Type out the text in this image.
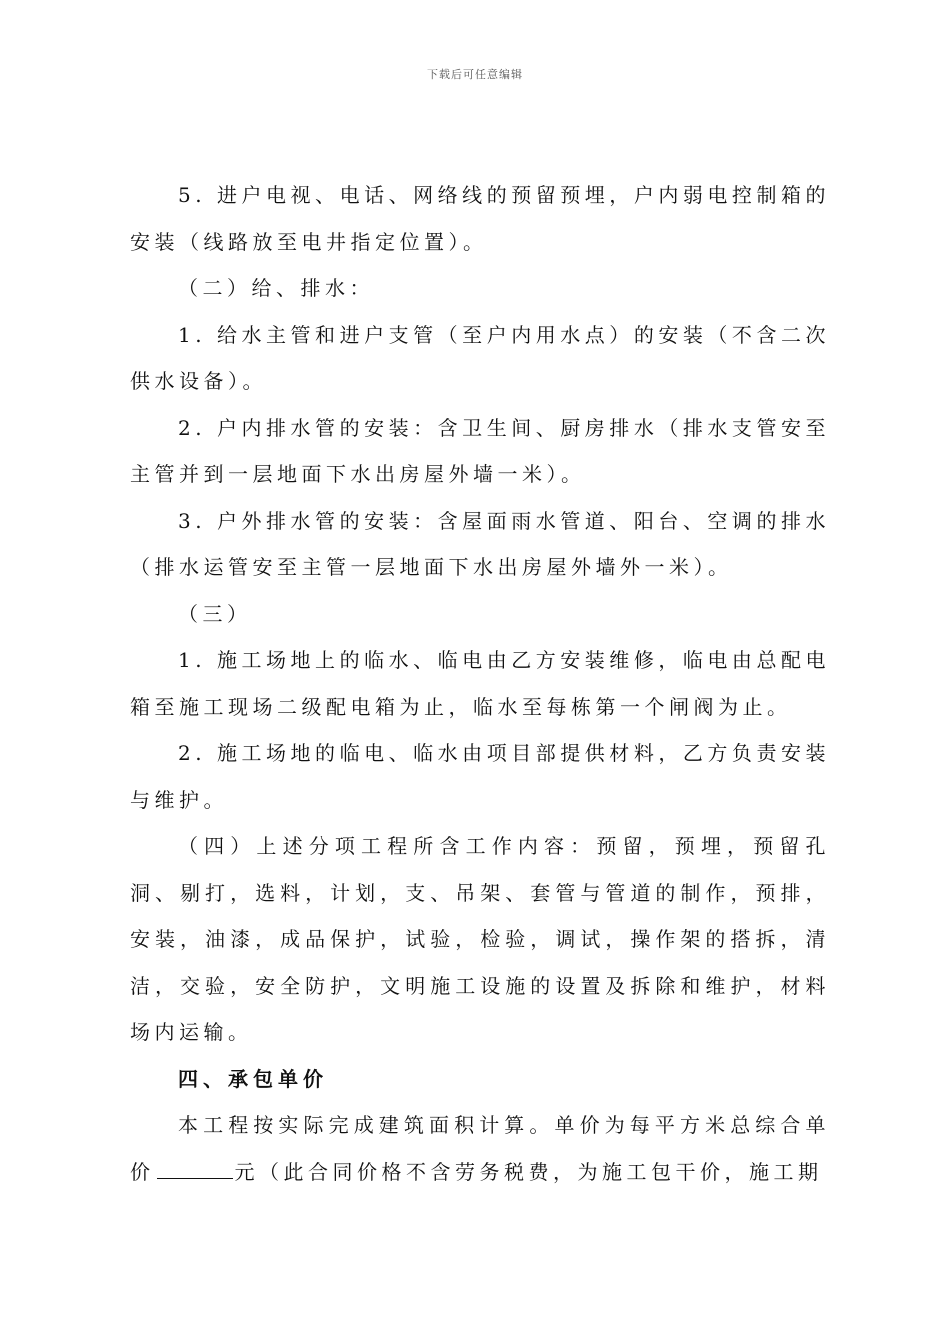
下载后可任意编辑

5. 进户电视、电话、网络线的预留预埋，户内弱电控制箱的安装（线路放至电井指定位置）。

（二）给、排水：

1. 给水主管和进户支管（至户内用水点）的安装（不含二次供水设备）。

2. 户内排水管的安装：含卫生间、厨房排水（排水支管安至主管并到一层地面下水出房屋外墙一米）。

3. 户外排水管的安装：含屋面雨水管道、阳台、空调的排水（排水运管安至主管一层地面下水出房屋外墙外一米）。

（三）

1. 施工场地上的临水、临电由乙方安装维修，临电由总配电箱至施工现场二级配电箱为止，临水至每栋第一个闸阀为止。

2. 施工场地的临电、临水由项目部提供材料，乙方负责安装与维护。

（四）上述分项工程所含工作内容：预留，预埋，预留孔洞、剔打，选料，计划，支、吊架、套管与管道的制作，预排，安装，油漆，成品保护，试验，检验，调试，操作架的搭拆，清洁，交验，安全防护，文明施工设施的设置及拆除和维护，材料场内运输。

四、承包单价

本工程按实际完成建筑面积计算。单价为每平方米总综合单价	元（此合同价格不含劳务税费，为施工包干价，施工期
